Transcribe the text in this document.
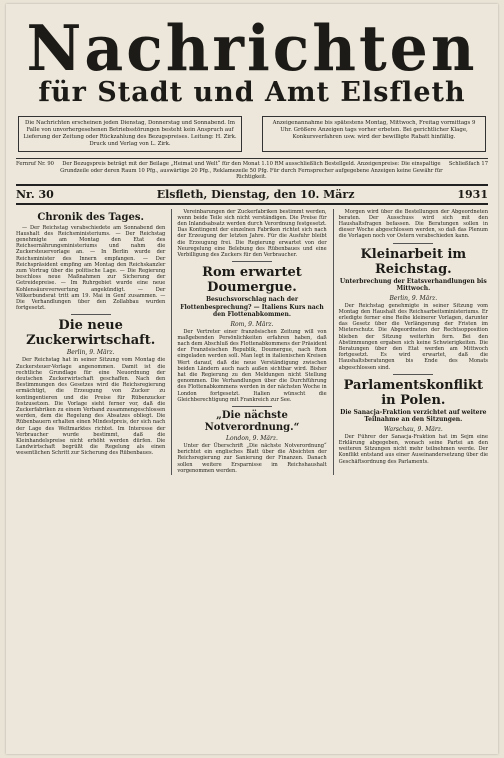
Nachrichten
für Stadt und Amt Elsfleth
Die Nachrichten erscheinen jeden Dienstag, Donnerstag und Sonnabend. Im Falle von unvorhergesehenen Betriebsstörungen besteht kein Anspruch auf Lieferung der Zeitung oder Rückzahlung des Bezugspreises. Leitung: H. Zirk. Druck und Verlag von L. Zirk.
Anzeigenannahme bis spätestens Montag, Mittwoch, Freitag vormittags 9 Uhr. Größere Anzeigen tags vorher erbeten. Bei gerichtlicher Klage, Konkursverfahren usw. wird der bewilligte Rabatt hinfällig.
Fernruf Nr. 90	Der Bezugspreis beträgt mit der Beilage „Heimat und Welt“ für den Monat 1.10 RM ausschließlich Bestellgeld. Anzeigenpreise: Die einspaltige Grundzeile oder deren Raum 10 Pfg., auswärtige 20 Pfg., Reklamezeile 50 Pfg. Für durch Fernsprecher aufgegebene Anzeigen keine Gewähr für Richtigkeit.
Schließfach 17
Nr. 30	Elsfleth, Dienstag, den 10. März	1931
Chronik des Tages.

— Der Reichstag verabschiedete am Sonnabend den Haushalt des Reichsministeriums. — Der Reichstag genehmigte am Montag den Etat des Reichsernährungsministeriums und nahm die Zuckersteuervorlage an. — In Berlin wurde der Reichsminister des Innern empfangen. — Der Reichspräsident empfing am Montag den Reichskanzler zum Vortrag über die politische Lage. — Die Regierung beschloss neue Maßnahmen zur Sicherung der Getreidepreise. — Im Ruhrgebiet wurde eine neue Kohlensäureverwertung angekündigt. — Der Völkerbundsrat tritt am 19. Mai in Genf zusammen. — Die Verhandlungen über den Zollabbau wurden fortgesetzt.

Die neue Zuckerwirtschaft.
Berlin, 9. März.

Der Reichstag hat in seiner Sitzung vom Montag die Zuckersteuer-Vorlage angenommen. Damit ist die rechtliche Grundlage für eine Neuordnung der deutschen Zuckerwirtschaft geschaffen. Nach den Bestimmungen des Gesetzes wird die Reichsregierung ermächtigt, die Erzeugung von Zucker zu kontingentieren und die Preise für Rübenzucker festzusetzen. Die Vorlage sieht ferner vor, daß die Zuckerfabriken zu einem Verband zusammengeschlossen werden, dem die Regelung des Absatzes obliegt. Die Rübenbauern erhalten einen Mindestpreis, der sich nach der Lage des Weltmarktes richtet. Im Interesse der Verbraucher wurde bestimmt, daß die Kleinhandelspreise nicht erhöht werden dürfen. Die Landwirtschaft begrüßt die Regelung als einen wesentlichen Schritt zur Sicherung des Rübenbaues.

Vereinbarungen der Zuckerfabriken bestimmt werden, wenn beide Teile sich nicht verständigen. Die Preise für den Inlandsabsatz werden durch Verordnung festgesetzt. Das Kontingent der einzelnen Fabriken richtet sich nach der Erzeugung der letzten Jahre. Für die Ausfuhr bleibt die Erzeugung frei. Die Regierung erwartet von der Neuregelung eine Belebung des Rübenbaues und eine Verbilligung des Zuckers für den Verbraucher.

Rom erwartet Doumergue.
Besuchsvorschlag nach der Flottenbesprechung? — Italiens Kurs nach den Flottenabkommen.
Rom, 9. März.

Der Vertreter einer französischen Zeitung will von maßgebenden Persönlichkeiten erfahren haben, daß nach dem Abschluß des Flottenabkommens der Präsident der Französischen Republik, Doumergue, nach Rom eingeladen werden soll. Man legt in italienischen Kreisen Wert darauf, daß die neue Verständigung zwischen beiden Ländern auch nach außen sichtbar wird. Bisher hat die Regierung zu den Meldungen nicht Stellung genommen. Die Verhandlungen über die Durchführung des Flottenabkommens werden in der nächsten Woche in London fortgesetzt. Italien wünscht die Gleichberechtigung mit Frankreich zur See.

„Die nächste Notverordnung.“
London, 9. März.

Unter der Überschrift „Die nächste Notverordnung“ berichtet ein englisches Blatt über die Absichten der Reichsregierung zur Sanierung der Finanzen. Danach sollen weitere Ersparnisse im Reichshaushalt vorgenommen werden.

Morgen wird über die Bestellungen der Abgeordneten beraten. Der Ausschuss wird sich mit den Haushaltsfragen befassen. Die Beratungen sollen in dieser Woche abgeschlossen werden, so daß das Plenum die Vorlagen noch vor Ostern verabschieden kann.

Kleinarbeit im Reichstag.
Unterbrechung der Etatsverhandlungen bis Mittwoch.
Berlin, 9. März.

Der Reichstag genehmigte in seiner Sitzung vom Montag den Haushalt des Reichsarbeitsministeriums. Er erledigte ferner eine Reihe kleinerer Vorlagen, darunter das Gesetz über die Verlängerung der Fristen im Mieterschutz. Die Abgeordneten der Rechtsopposition blieben der Sitzung weiterhin fern. Bei den Abstimmungen ergaben sich keine Schwierigkeiten. Die Beratungen über den Etat werden am Mittwoch fortgesetzt. Es wird erwartet, daß die Haushaltsberatungen bis Ende des Monats abgeschlossen sind.

Parlamentskonflikt in Polen.
Die Sanacja-Fraktion verzichtet auf weitere Teilnahme an den Sitzungen.
Warschau, 9. März.

Der Führer der Sanacja-Fraktion hat im Sejm eine Erklärung abgegeben, wonach seine Partei an den weiteren Sitzungen nicht mehr teilnehmen werde. Der Konflikt entstand aus einer Auseinandersetzung über die Geschäftsordnung des Parlaments.
